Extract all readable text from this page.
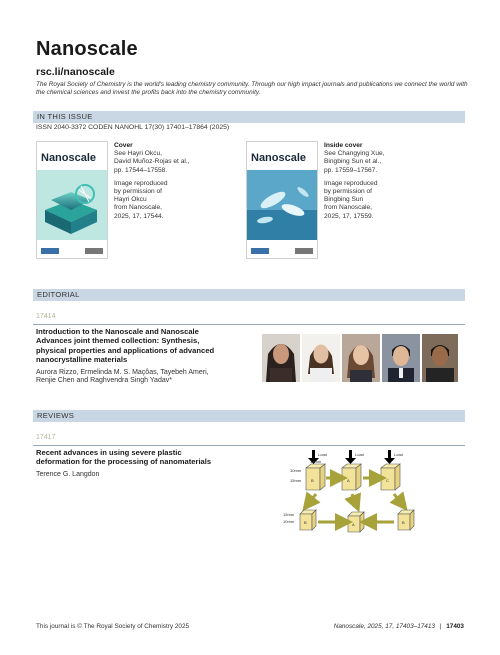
Nanoscale
rsc.li/nanoscale
The Royal Society of Chemistry is the world's leading chemistry community. Through our high impact journals and publications we connect the world with the chemical sciences and invest the profits back into the chemistry community.
IN THIS ISSUE
ISSN 2040-3372 CODEN NANOHL 17(30) 17401–17864 (2025)
Nanoscale
Cover
See Hayri Okcu,
David Muñoz-Rojas et al.,
pp. 17544–17558.

Image reproduced
by permission of
Hayri Okcu
from Nanoscale,
2025, 17, 17544.
Nanoscale
Inside cover
See Changying Xue,
Bingbing Sun et al.,
pp. 17559–17567.

Image reproduced
by permission of
Bingbing Sun
from Nanoscale,
2025, 17, 17559.
EDITORIAL
17414
Introduction to the Nanoscale and Nanoscale
Advances joint themed collection: Synthesis,
physical properties and applications of advanced
nanocrystalline materials
Aurora Rizzo, Ermelinda M. S. Maçôas, Tayebeh Ameri,
Renjie Chen and Raghvendra Singh Yadav*
REVIEWS
17417
Recent advances in using severe plastic
deformation for the processing of nanomaterials
Terence G. Langdon
Load	Load	Load
15mm
10mm
15mm B	A	C
15mm
10mm B	A	B
This journal is © The Royal Society of Chemistry 2025	Nanoscale, 2025, 17, 17403–17413 | 17403
